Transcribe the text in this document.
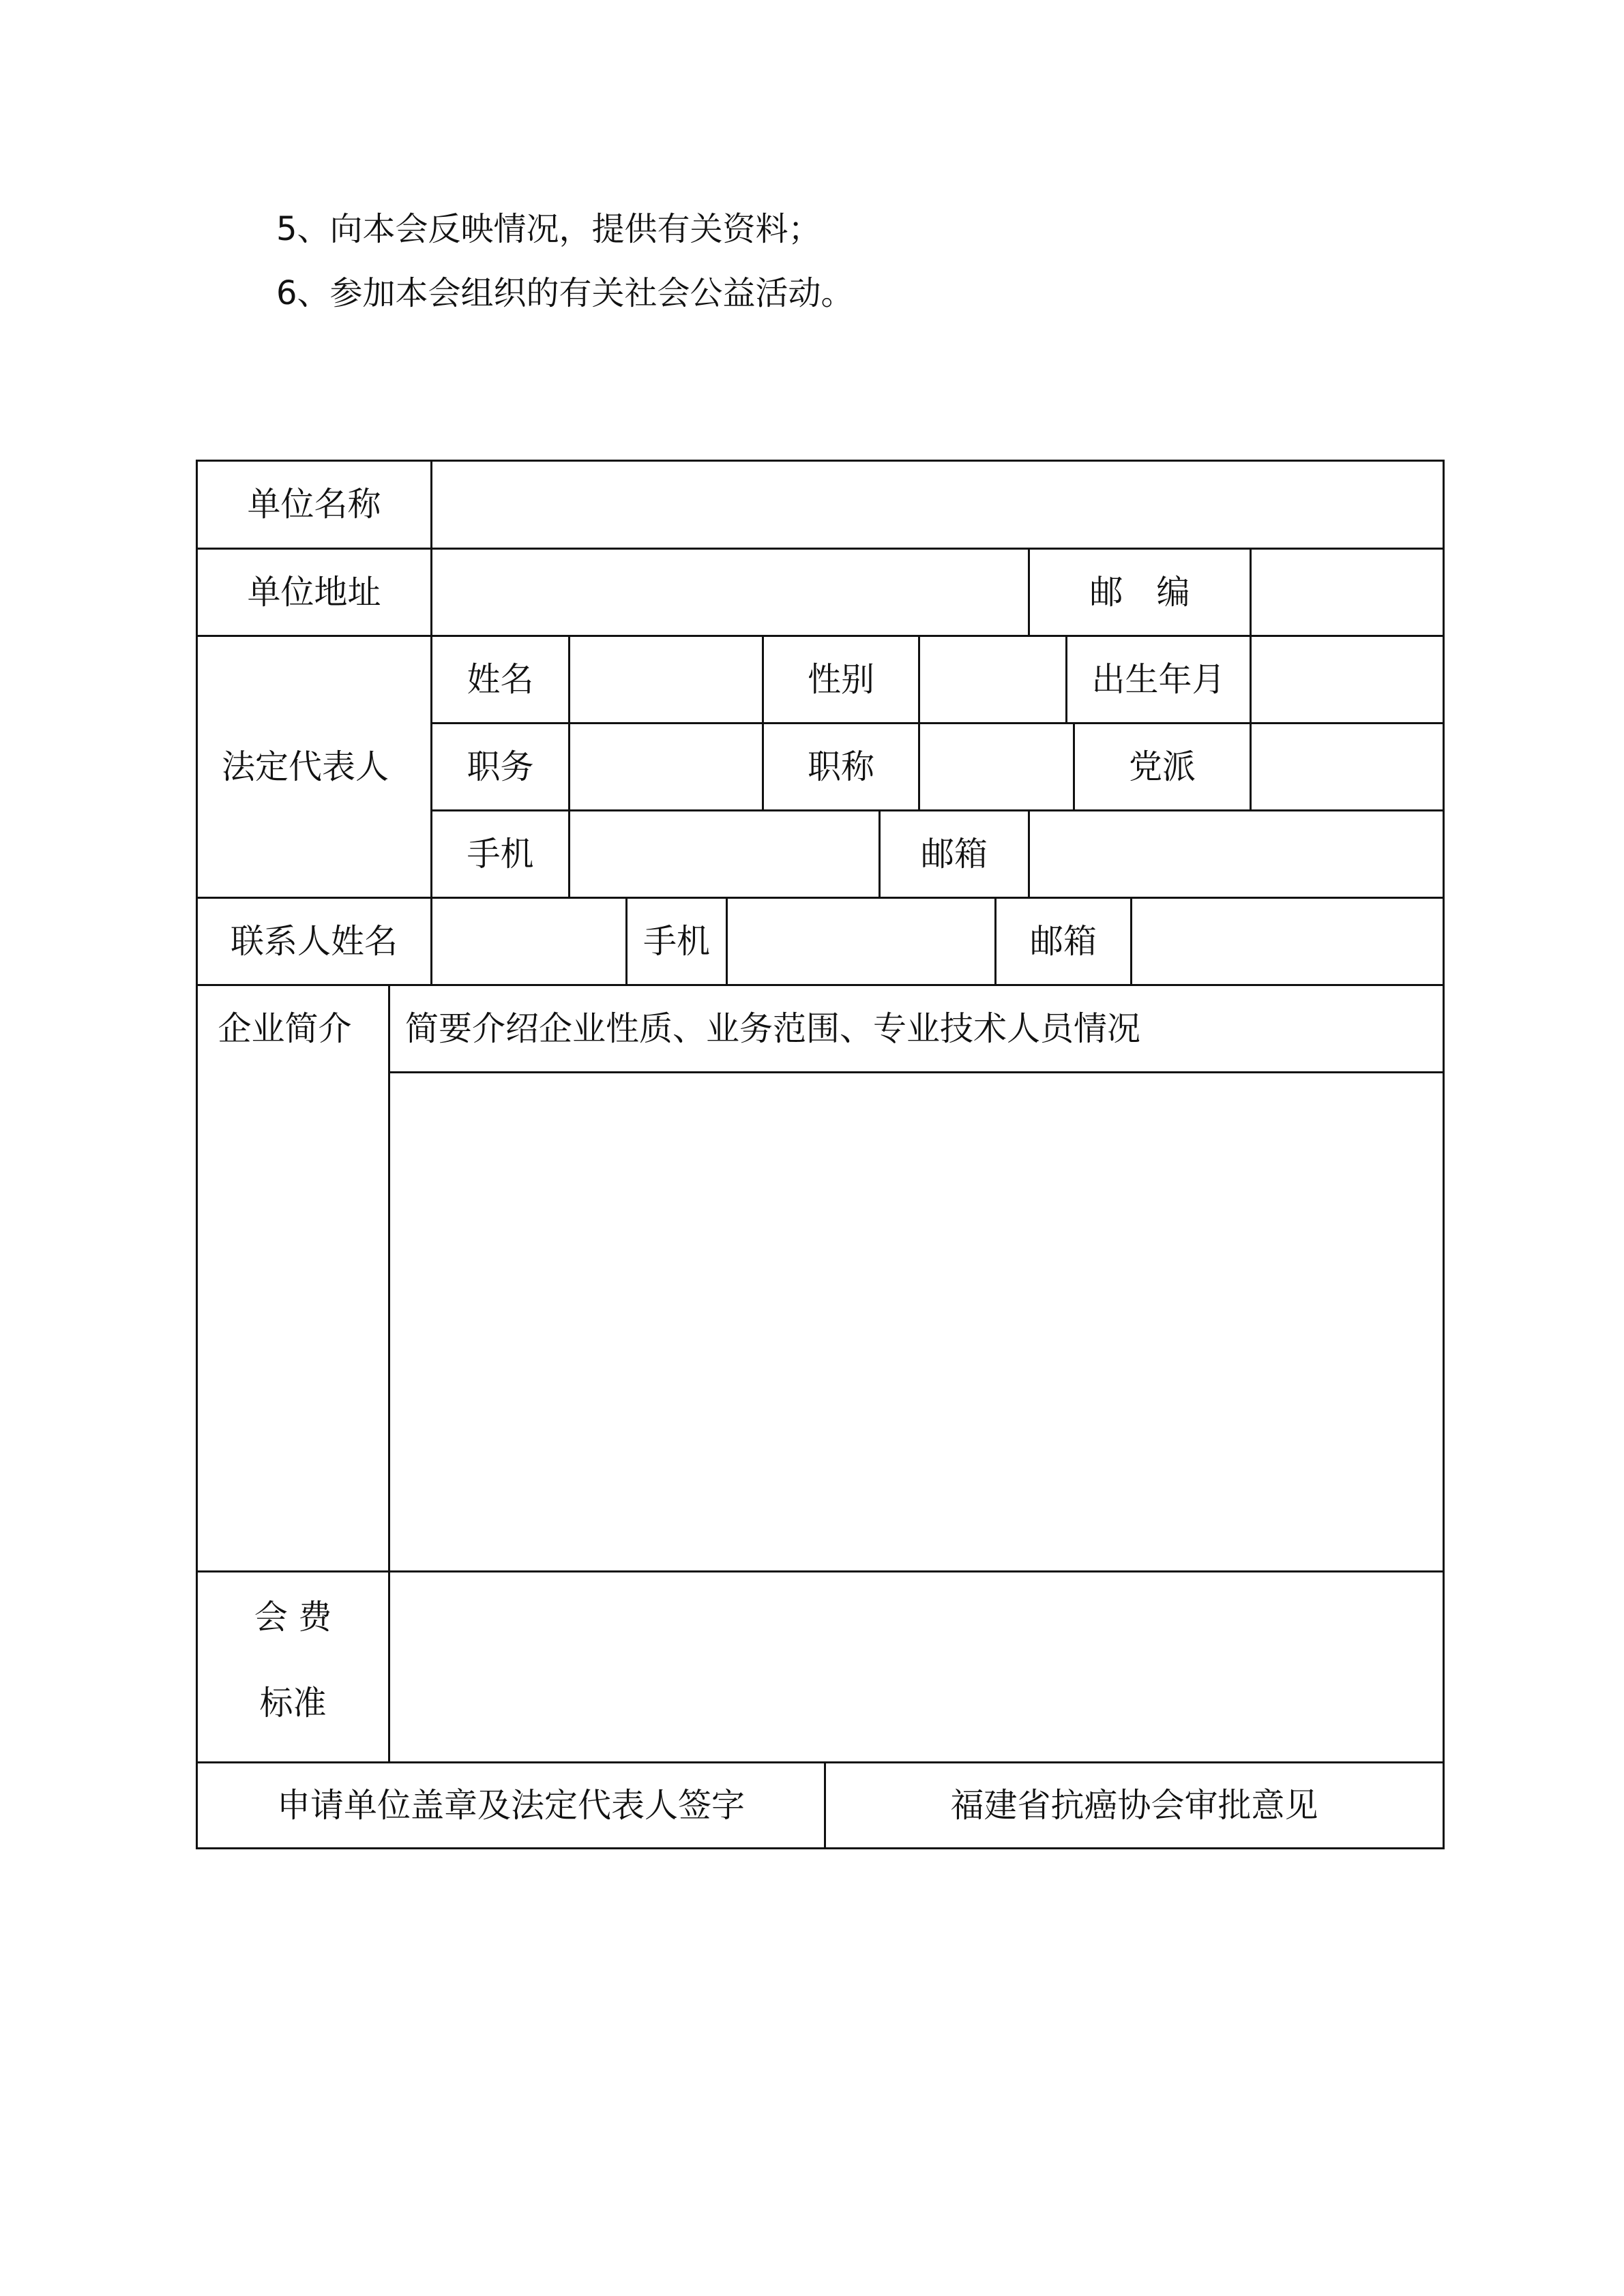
5、向本会反映情况，提供有关资料；
6、参加本会组织的有关社会公益活动。
单位名称
单位地址	邮　编
法定代表人
姓名	性别	出生年月
职务	职称	党派
手机	邮箱
联系人姓名	手机	邮箱
企业简介	简要介绍企业性质、业务范围、专业技术人员情况
会 费
标准
申请单位盖章及法定代表人签字	福建省抗癌协会审批意见
